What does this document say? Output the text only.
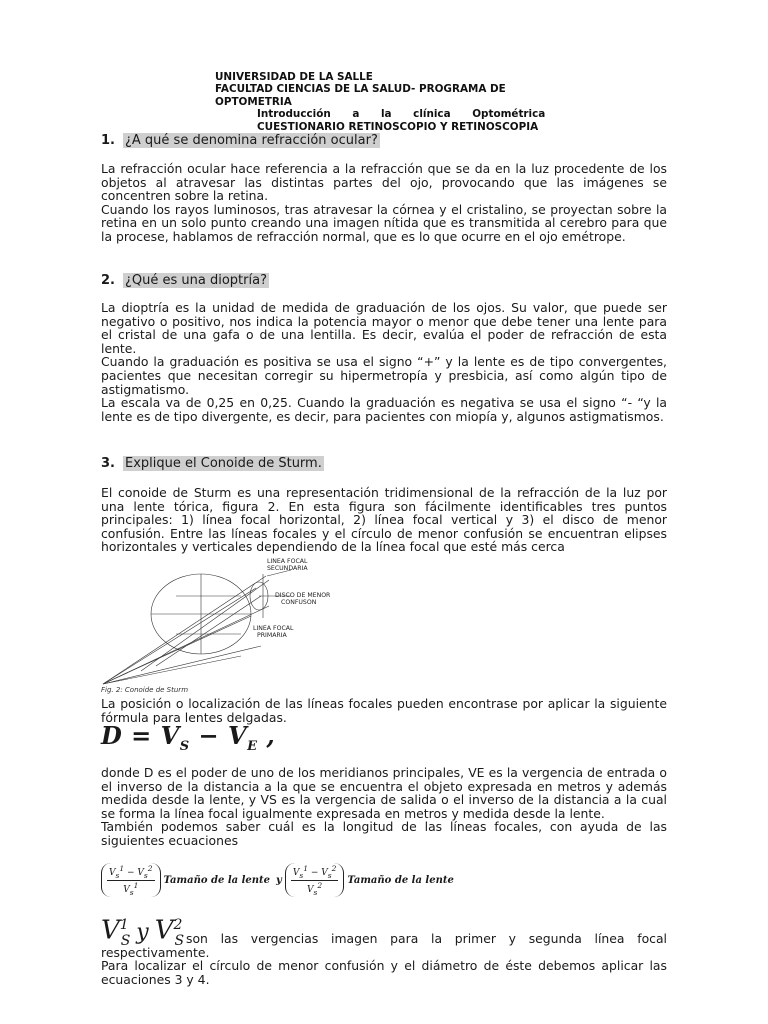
UNIVERSIDAD DE LA SALLE
FACULTAD CIENCIAS DE LA SALUD- PROGRAMA DE OPTOMETRIA
Introducción a la clínica Optométrica
CUESTIONARIO RETINOSCOPIO Y RETINOSCOPIA
1. ¿A qué se denomina refracción ocular?

La refracción ocular hace referencia a la refracción que se da en la luz procedente de los objetos al atravesar las distintas partes del ojo, provocando que las imágenes se concentren sobre la retina.

Cuando los rayos luminosos, tras atravesar la córnea y el cristalino, se proyectan sobre la retina en un solo punto creando una imagen nítida que es transmitida al cerebro para que la procese, hablamos de refracción normal, que es lo que ocurre en el ojo emétrope.

2. ¿Qué es una dioptría?

La dioptría es la unidad de medida de graduación de los ojos. Su valor, que puede ser negativo o positivo, nos indica la potencia mayor o menor que debe tener una lente para el cristal de una gafa o de una lentilla. Es decir, evalúa el poder de refracción de esta lente.

Cuando la graduación es positiva se usa el signo “+” y la lente es de tipo convergentes, pacientes que necesitan corregir su hipermetropía y presbicia, así como algún tipo de astigmatismo.

La escala va de 0,25 en 0,25. Cuando la graduación es negativa se usa el signo “- “y la lente es de tipo divergente, es decir, para pacientes con miopía y, algunos astigmatismos.

3. Explique el Conoide de Sturm.

El conoide de Sturm es una representación tridimensional de la refracción de la luz por una lente tórica, figura 2. En esta figura son fácilmente identificables tres puntos principales: 1) línea focal horizontal, 2) línea focal vertical y 3) el disco de menor confusión. Entre las líneas focales y el círculo de menor confusión se encuentran elipses horizontales y verticales dependiendo de la línea focal que esté más cerca

LINEA FOCAL
SECUNDARIA
DISCO DE MENOR
CONFUSON
LINEA FOCAL
PRIMARIA
Fig. 2: Conoide de Sturm

La posición o localización de las líneas focales pueden encontrase por aplicar la siguiente fórmula para lentes delgadas.

$D = V_S - V_E$ ,

donde D es el poder de uno de los meridianos principales, VE es la vergencia de entrada o el inverso de la distancia a la que se encuentra el objeto expresada en metros y además medida desde la lente, y VS es la vergencia de salida o el inverso de la distancia a la cual se forma la línea focal igualmente expresada en metros y medida desde la lente.

También podemos saber cuál es la longitud de las líneas focales, con ayuda de las siguientes ecuaciones

$\frac{V_s^1 - V_s^2}{V_s^1}$ Tamaño de la lente y $\frac{V_s^1 - V_s^2}{V_s^2}$ Tamaño de la lente
$V^1_S$ y $V^2_S$ son las vergencias imagen para la primer y segunda línea focal respectivamente.

Para localizar el círculo de menor confusión y el diámetro de éste debemos aplicar las ecuaciones 3 y 4.
